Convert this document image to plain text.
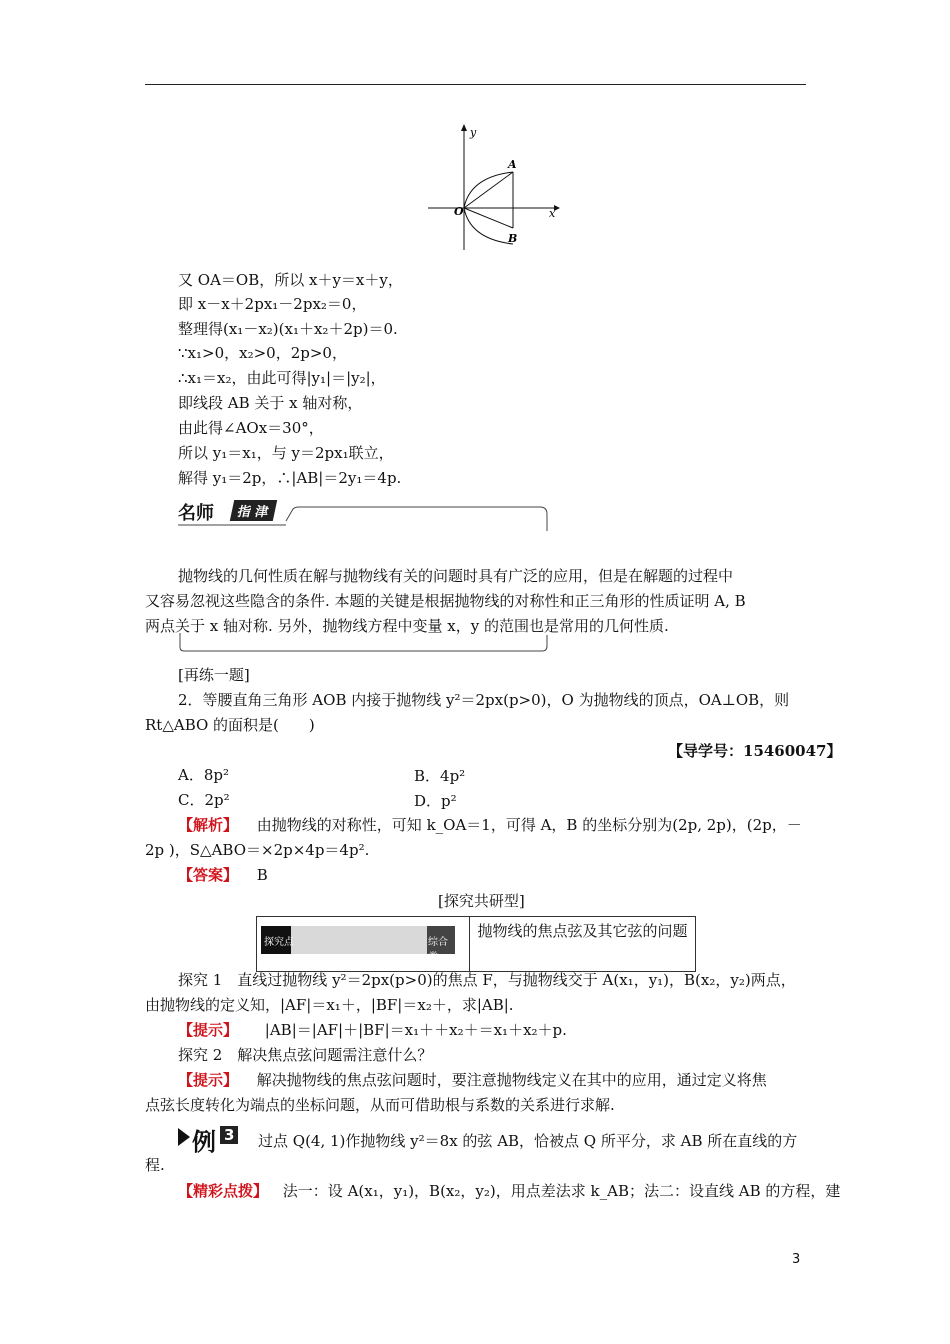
y
x
O
A
B
又 OA＝OB，所以 x＋y＝x＋y，
即 x－x＋2px₁－2px₂＝0，
整理得(x₁－x₂)(x₁＋x₂＋2p)＝0.
∵x₁>0，x₂>0，2p>0，
∴x₁＝x₂，由此可得|y₁|＝|y₂|，
即线段 AB 关于 x 轴对称，
由此得∠AOx＝30°，
所以 y₁＝x₁，与 y＝2px₁联立，
解得 y₁＝2p，∴|AB|＝2y₁＝4p.
名师	指 津
抛物线的几何性质在解与抛物线有关的问题时具有广泛的应用，但是在解题的过程中
又容易忽视这些隐含的条件. 本题的关键是根据抛物线的对称性和正三角形的性质证明 A, B
两点关于 x 轴对称. 另外，抛物线方程中变量 x，y 的范围也是常用的几何性质.
[再练一题]
2．等腰直角三角形 AOB 内接于抛物线 y²＝2px(p>0)，O 为抛物线的顶点，OA⊥OB，则
Rt△ABO 的面积是(　　)
【导学号：15460047】
A．8p²	B．4p²
C．2p²	D．p²
【解析】 由抛物线的对称性，可知 k_OA＝1，可得 A，B 的坐标分别为(2p, 2p)，(2p，－
2p )，S△ABO＝×2p×4p＝4p².
【答案】 B
[探究共研型]
探究点	综合类
抛物线的焦点弦及其它弦的问题
探究 1　直线过抛物线 y²＝2px(p>0)的焦点 F，与抛物线交于 A(x₁，y₁)，B(x₂，y₂)两点，
由抛物线的定义知，|AF|＝x₁＋，|BF|＝x₂＋，求|AB|.
【提示】 |AB|＝|AF|＋|BF|＝x₁＋＋x₂＋＝x₁＋x₂＋p.
探究 2　解决焦点弦问题需注意什么？
【提示】 解决抛物线的焦点弦问题时，要注意抛物线定义在其中的应用，通过定义将焦
点弦长度转化为端点的坐标问题，从而可借助根与系数的关系进行求解.
例 3 过点 Q(4, 1)作抛物线 y²＝8x 的弦 AB，恰被点 Q 所平分，求 AB 所在直线的方
程.
【精彩点拨】 法一：设 A(x₁，y₁)，B(x₂，y₂)，用点差法求 k_AB；法二：设直线 AB 的方程，建
3
